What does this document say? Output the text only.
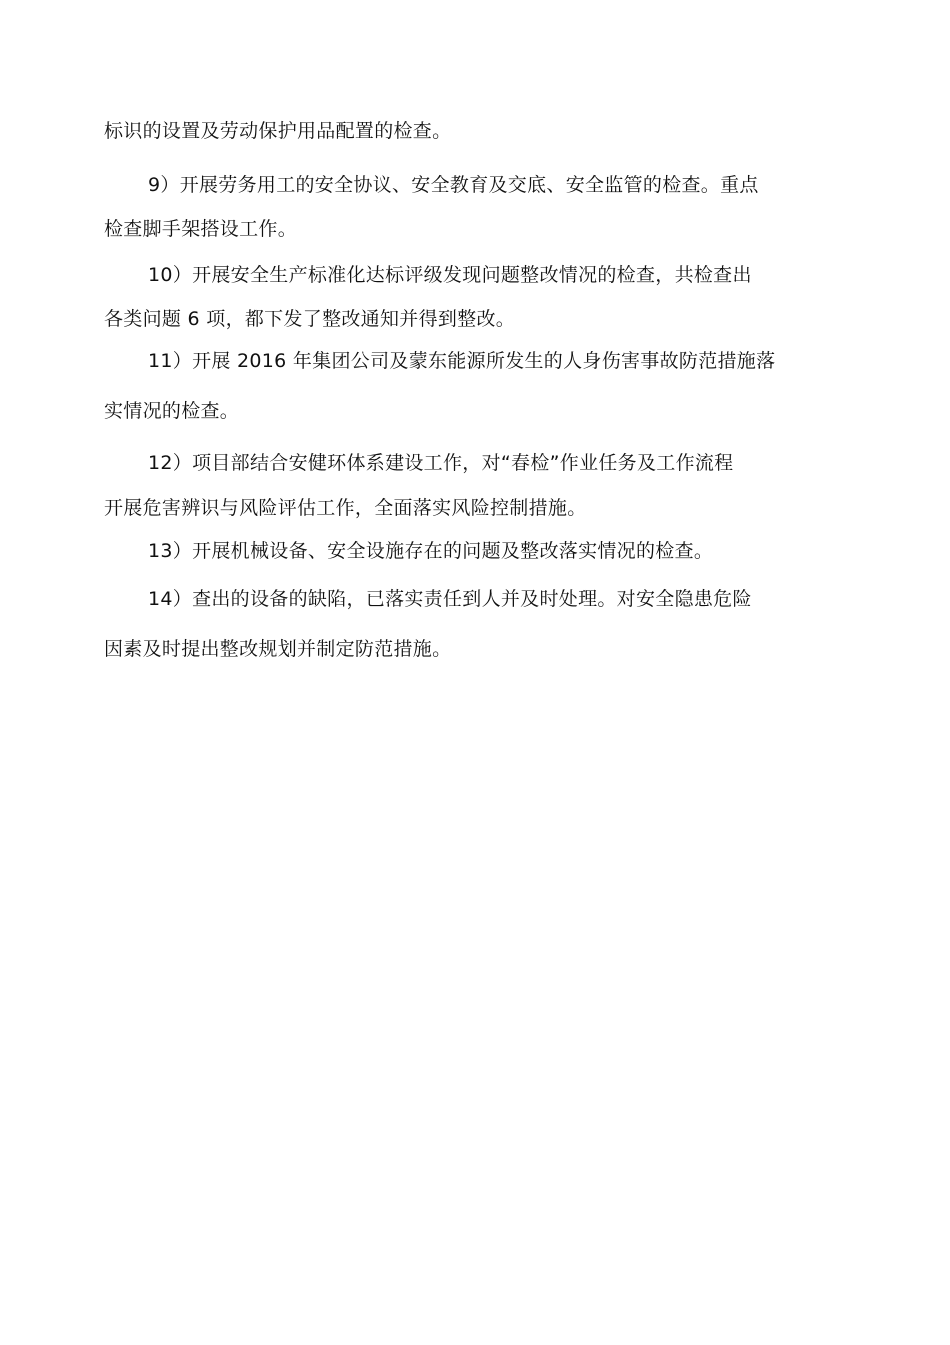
标识的设置及劳动保护用品配置的检查。
9）开展劳务用工的安全协议、安全教育及交底、安全监管的检查。重点
检查脚手架搭设工作。
10）开展安全生产标准化达标评级发现问题整改情况的检查，共检查出
各类问题 6 项，都下发了整改通知并得到整改。
11）开展 2016 年集团公司及蒙东能源所发生的人身伤害事故防范措施落
实情况的检查。
12）项目部结合安健环体系建设工作，对“春检”作业任务及工作流程
开展危害辨识与风险评估工作，全面落实风险控制措施。
13）开展机械设备、安全设施存在的问题及整改落实情况的检查。
14）查出的设备的缺陷，已落实责任到人并及时处理。对安全隐患危险
因素及时提出整改规划并制定防范措施。
